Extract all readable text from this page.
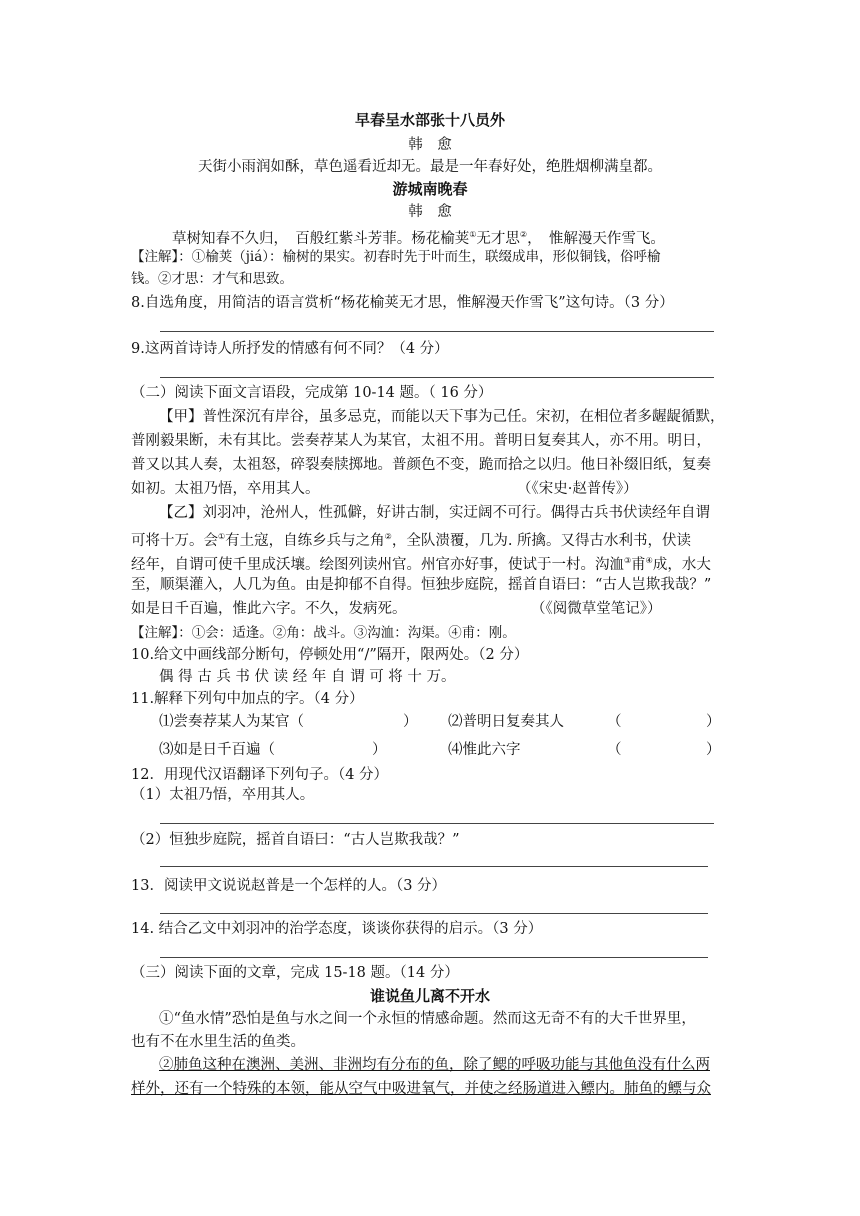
早春呈水部张十八员外
韩　愈
天街小雨润如酥，草色遥看近却无。最是一年春好处，绝胜烟柳满皇都。
游城南晚春
韩　愈
草树知春不久归，　百般红紫斗芳菲。杨花榆荚①无才思②，　惟解漫天作雪飞。
【注解】：①榆荚（jiá）：榆树的果实。初春时先于叶而生，联缀成串，形似铜钱，俗呼榆
钱。②才思：才气和思致。
8.自选角度，用简洁的语言赏析“杨花榆荚无才思，惟解漫天作雪飞”这句诗。（3 分）
9.这两首诗诗人所抒发的情感有何不同？（4 分）
（二）阅读下面文言语段，完成第 10-14 题。（ 16 分）
【甲】普性深沉有岸谷，虽多忌克，而能以天下事为己任。宋初，在相位者多龌龊循默，
普刚毅果断，未有其比。尝奏荐某人为某官，太祖不用。普明日复奏其人，亦不用。明日，
普又以其人奏，太祖怒，碎裂奏牍掷地。普颜色不变，跪而拾之以归。他日补缀旧纸，复奏
如初。太祖乃悟，卒用其人。	（《宋史·赵普传》）
【乙】刘羽冲，沧州人，性孤僻，好讲古制，实迂阔不可行。偶得古兵书伏读经年自谓
可将十万。会①有土寇，自练乡兵与之角②，全队溃覆，几为. 所擒。又得古水利书，伏读
经年，自谓可使千里成沃壤。绘图列读州官。州官亦好事，使试于一村。沟洫③甫④成，水大
至，顺渠灌入，人几为鱼。由是抑郁不自得。恒独步庭院，摇首自语曰：“古人岂欺我哉？”
如是日千百遍，惟此六字。不久，发病死。	（《阅微草堂笔记》）
【注解】：①会：适逢。②角：战斗。③沟洫：沟渠。④甫：刚。
10.给文中画线部分断句，停顿处用“/”隔开，限两处。（2 分）
偶 得 古 兵 书 伏 读 经 年 自 谓 可 将 十 万。
11.解释下列句中加点的字。（4 分）
⑴尝奏荐某人为某官（	） ⑵普明日复奏其人	（	）
⑶如是日千百遍（	）	⑷惟此六字	（	）
12．用现代汉语翻译下列句子。（4 分）
（1）太祖乃悟，卒用其人。
（2）恒独步庭院，摇首自语曰：“古人岂欺我哉？”
13．阅读甲文说说赵普是一个怎样的人。（3 分）
14. 结合乙文中刘羽冲的治学态度，谈谈你获得的启示。（3 分）
（三）阅读下面的文章，完成 15-18 题。（14 分）
谁说鱼儿离不开水
①“鱼水情”恐怕是鱼与水之间一个永恒的情感命题。然而这无奇不有的大千世界里，
也有不在水里生活的鱼类。
②肺鱼这种在澳洲、美洲、非洲均有分布的鱼，除了鳃的呼吸功能与其他鱼没有什么两
样外，还有一个特殊的本领，能从空气中吸进氧气，并使之经肠道进入鳔内。肺鱼的鳔与众
